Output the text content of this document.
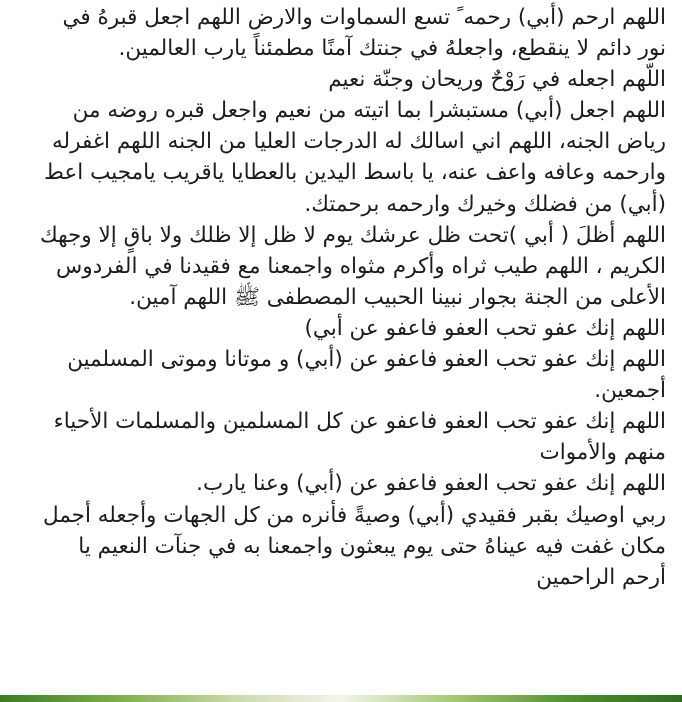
اللهم ارحم (أبي) رحمه ً تسع السماوات والارض اللهم اجعل قبرهُ في نور دائم لا ينقطع، واجعلهُ في جنتك آمنًا مطمئناً يارب العالمين.

اللّهم اجعله في رَوْحٌ وريحان وجنّة نعيم

اللهم اجعل (أبي) مستبشرا بما اتيته من نعيم واجعل قبره روضه من رياض الجنه، اللهم اني اسالك له الدرجات العليا من الجنه اللهم اغفرله وارحمه وعافه واعف عنه، يا باسط اليدين بالعطايا ياقريب يامجيب اعط (أبي) من فضلك وخيرك وارحمه برحمتك.

اللهم أظلَ ( أبي )تحت ظل عرشك يوم لا ظل إلا ظلك ولا باقٍ إلا وجهك الكريم ، اللهم طيب ثراه وأكرم مثواه واجمعنا مع فقيدنا في الفردوس الأعلى من الجنة بجوار نبينا الحبيب المصطفى ﷺ اللهم آمين.

اللهم إنك عفو تحب العفو فاعفو عن أبي)

اللهم إنك عفو تحب العفو فاعفو عن (أبي) و موتانا وموتى المسلمين أجمعين.

اللهم إنك عفو تحب العفو فاعفو عن كل المسلمين والمسلمات الأحياء منهم والأموات

اللهم إنك عفو تحب العفو فاعفو عن (أبي) وعنا يارب.

ربي اوصيك بقبر فقيدي (أبي) وصيةً فأنره من كل الجهات وأجعله أجمل مكان غفت فيه عيناهُ حتى يوم يبعثون واجمعنا به في جنآت النعيم يا أرحم الراحمين
